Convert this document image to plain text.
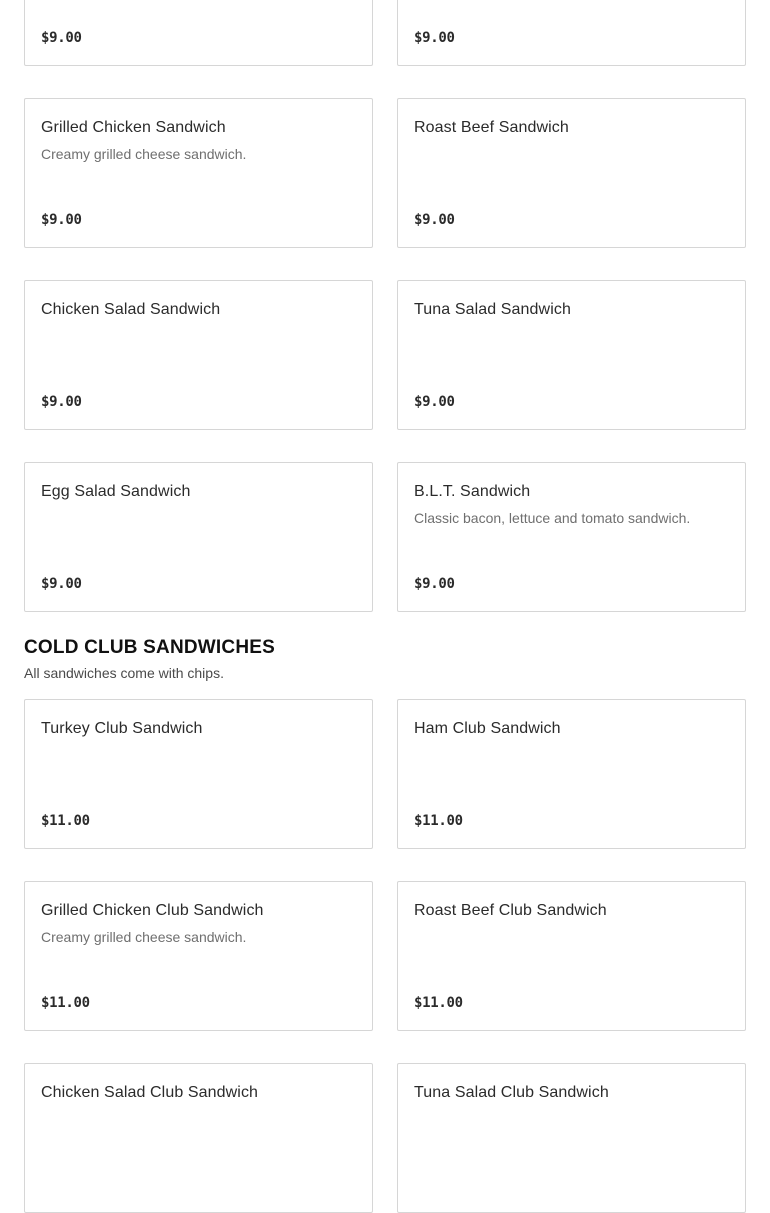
$9.00	$9.00
Grilled Chicken Sandwich
Creamy grilled cheese sandwich.
$9.00
Roast Beef Sandwich
$9.00
Chicken Salad Sandwich
$9.00
Tuna Salad Sandwich
$9.00
Egg Salad Sandwich
$9.00
B.L.T. Sandwich
Classic bacon, lettuce and tomato sandwich.
$9.00
COLD CLUB SANDWICHES
All sandwiches come with chips.
Turkey Club Sandwich
$11.00
Ham Club Sandwich
$11.00
Grilled Chicken Club Sandwich
Creamy grilled cheese sandwich.
$11.00
Roast Beef Club Sandwich
$11.00
Chicken Salad Club Sandwich	Tuna Salad Club Sandwich
